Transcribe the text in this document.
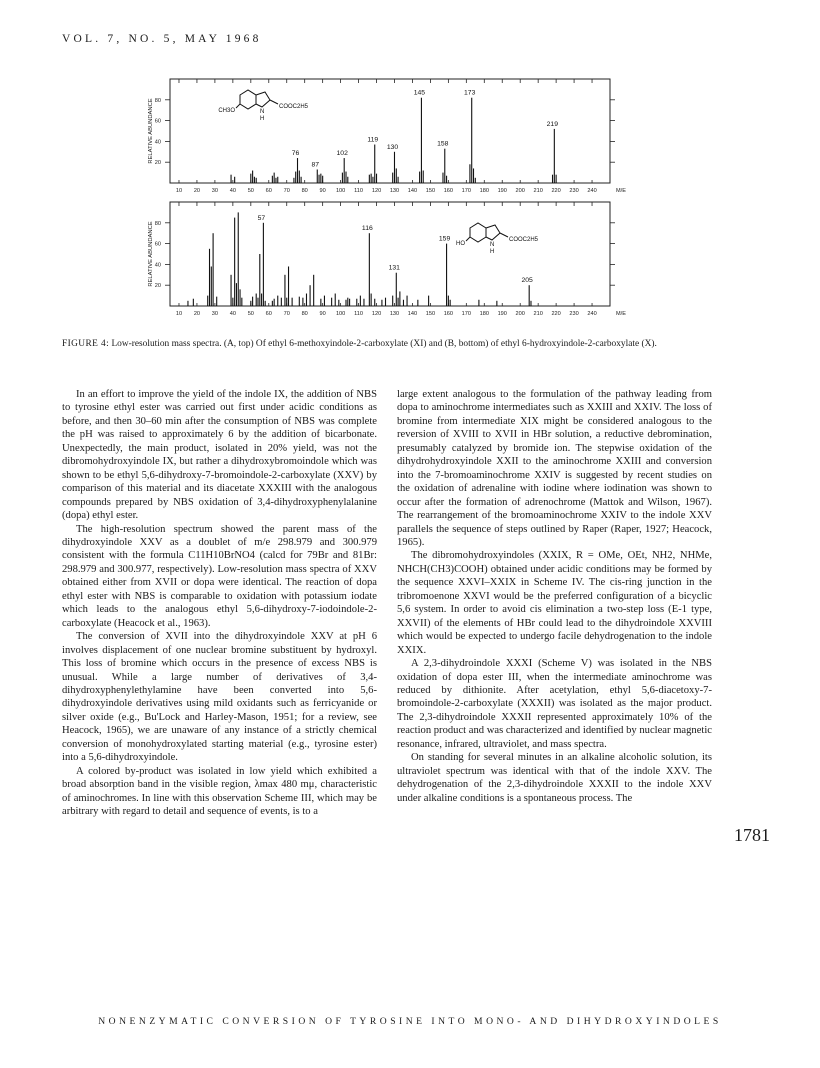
VOL. 7, NO. 5, MAY 1968
10 20 30 40 50 60 70 80 90 100 110 120 130 140 150 160 170 180 190 200 210 220 230 240	M/E
20
40
60
80
RELATIVE ABUNDANCE	76
87
102
119
130
145
158
173
219
CH3O	N
H
COOC2H5
10 20 30 40 50 60 70 80 90 100 110 120 130 140 150 160 170 180 190 200 210 220 230 240	M/E
20
40
60
80
RELATIVE ABUNDANCE
57
116
131
159
205
HO	N
H
COOC2H5
FIGURE 4: Low-resolution mass spectra. (A, top) Of ethyl 6-methoxyindole-2-carboxylate (XI) and (B, bottom) of ethyl 6-hydroxyindole-2-carboxylate (X).

In an effort to improve the yield of the indole IX, the addition of NBS to tyrosine ethyl ester was carried out first under acidic conditions as before, and then 30–60 min after the consumption of NBS was complete the pH was raised to approximately 6 by the addition of bicarbonate. Unexpectedly, the main product, isolated in 20% yield, was not the dibromohydroxyindole IX, but rather a dihydroxybromoindole which was shown to be ethyl 5,6-dihydroxy-7-bromoindole-2-carboxylate (XXV) by comparison of this material and its diacetate XXXIII with the analogous compounds prepared by NBS oxidation of 3,4-dihydroxyphenylalanine (dopa) ethyl ester.

The high-resolution spectrum showed the parent mass of the dihydroxyindole XXV as a doublet of m/e 298.979 and 300.979 consistent with the formula C11H10BrNO4 (calcd for 79Br and 81Br: 298.979 and 300.977, respectively). Low-resolution mass spectra of XXV obtained either from XVII or dopa were identical. The reaction of dopa ethyl ester with NBS is comparable to oxidation with potassium iodate which leads to the analogous ethyl 5,6-dihydroxy-7-iodoindole-2-carboxylate (Heacock et al., 1963).

The conversion of XVII into the dihydroxyindole XXV at pH 6 involves displacement of one nuclear bromine substituent by hydroxyl. This loss of bromine which occurs in the presence of excess NBS is unusual. While a large number of derivatives of 3,4-dihydroxyphenylethylamine have been converted into 5,6-dihydroxyindole derivatives using mild oxidants such as ferricyanide or silver oxide (e.g., Bu'Lock and Harley-Mason, 1951; for a review, see Heacock, 1965), we are unaware of any instance of a strictly chemical conversion of monohydroxylated starting material (e.g., tyrosine ester) into a 5,6-dihydroxyindole.

A colored by-product was isolated in low yield which exhibited a broad absorption band in the visible region, λmax 480 mμ, characteristic of aminochromes. In line with this observation Scheme III, which may be arbitrary with regard to detail and sequence of events, is to a

large extent analogous to the formulation of the pathway leading from dopa to aminochrome intermediates such as XXIII and XXIV. The loss of bromine from intermediate XIX might be considered analogous to the reversion of XVIII to XVII in HBr solution, a reductive debromination, presumably catalyzed by bromide ion. The stepwise oxidation of the dihydrohydroxyindole XXII to the aminochrome XXIII and conversion into the 7-bromoaminochrome XXIV is suggested by recent studies on the oxidation of adrenaline with iodine where iodination was shown to occur after the formation of adrenochrome (Mattok and Wilson, 1967). The rearrangement of the bromoaminochrome XXIV to the indole XXV parallels the sequence of steps outlined by Raper (Raper, 1927; Heacock, 1965).

The dibromohydroxyindoles (XXIX, R = OMe, OEt, NH2, NHMe, NHCH(CH3)COOH) obtained under acidic conditions may be formed by the sequence XXVI–XXIX in Scheme IV. The cis-ring junction in the tribromoenone XXVI would be the preferred configuration of a bicyclic 5,6 system. In order to avoid cis elimination a two-step loss (E-1 type, XXVII) of the elements of HBr could lead to the dihydroindole XXVIII which would be expected to undergo facile dehydrogenation to the indole XXIX.

A 2,3-dihydroindole XXXI (Scheme V) was isolated in the NBS oxidation of dopa ester III, when the intermediate aminochrome was reduced by dithionite. After acetylation, ethyl 5,6-diacetoxy-7-bromoindole-2-carboxylate (XXXII) was isolated as the major product. The 2,3-dihydroindole XXXII represented approximately 10% of the reaction product and was characterized and identified by nuclear magnetic resonance, infrared, ultraviolet, and mass spectra.

On standing for several minutes in an alkaline alcoholic solution, its ultraviolet spectrum was identical with that of the indole XXV. The dehydrogenation of the 2,3-dihydroindole XXXII to the indole XXV under alkaline conditions is a spontaneous process. The

1781
NONENZYMATIC CONVERSION OF TYROSINE INTO MONO- AND DIHYDROXYINDOLES
